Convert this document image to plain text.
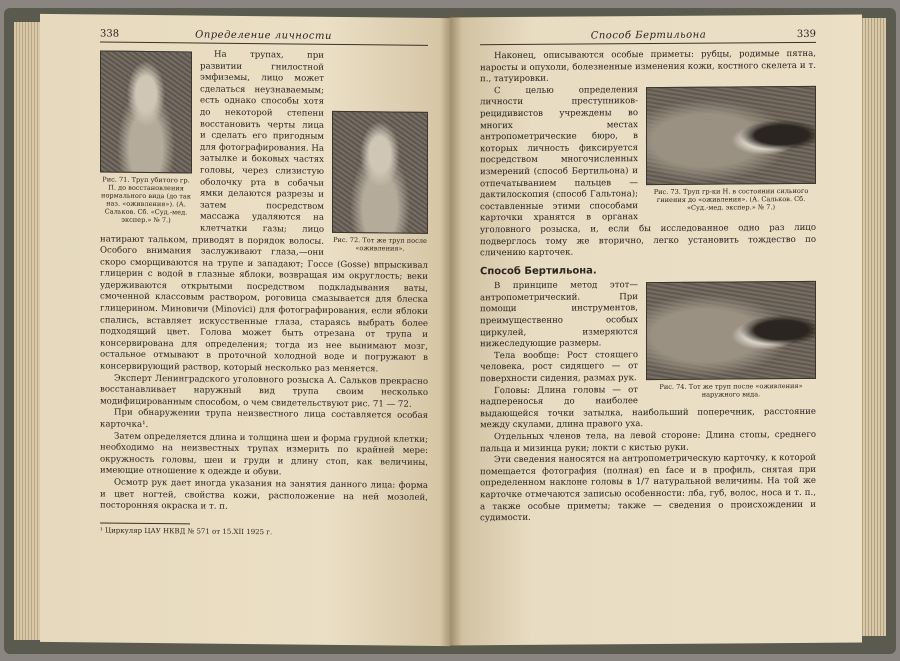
338	Определение личности
Рис. 71. Труп убитого гр. П. до восстановления нормального вида (до так наз. «оживления»). (А. Сальков. Сб. «Суд.-мед. экспер.» № 7.)
Рис. 72. Тот же труп после «оживления».

На трупах, при развитии гнилостной эмфиземы, лицо может сделаться неузнаваемым; есть однако способы хотя до некоторой степени восстановить черты лица и сделать его пригодным для фотографирования. На затылке и боковых частях головы, через слизистую оболочку рта в собачьи ямки делаются разрезы и затем посредством массажа удаляются на клетчатки газы; лицо натирают тальком, приводят в порядок волосы. Особого внимания заслуживают глаза,—они скоро сморщиваются на трупе и западают; Госсе (Gosse) впрыскивал глицерин с водой в глазные яблоки, возвращая им округлость; веки удерживаются открытыми посредством подкладывания ваты, смоченной классовым раствором, роговица смазывается для блеска глицерином. Миновичи (Minovici) для фотографирования, если яблоки спались, вставляет искусственные глаза, стараясь выбрать более подходящий цвет. Голова может быть отрезана от трупа и консервирована для определения; тогда из нее вынимают мозг, остальное отмывают в проточной холодной воде и погружают в консервирующий раствор, который несколько раз меняется.

Эксперт Ленинградского уголовного розыска А. Сальков прекрасно восстанавливает наружный вид трупа своим несколько модифицированным способом, о чем свидетельствуют рис. 71 — 72.

При обнаружении трупа неизвестного лица составляется особая карточка¹.

Затем определяется длина и толщина шеи и форма грудной клетки; необходимо на неизвестных трупах измерить по крайней мере: окружность головы, шеи и груди и длину стоп, как величины, имеющие отношение к одежде и обуви.

Осмотр рук дает иногда указания на занятия данного лица: форма и цвет ногтей, свойства кожи, расположение на ней мозолей, посторонняя окраска и т. п.

¹ Циркуляр ЦАУ НКВД № 571 от 15.XII 1925 г.
Способ Бертильона	339

Наконец, описываются особые приметы: рубцы, родимые пятна, наросты и опухоли, болезненные изменения кожи, костного скелета и т. п., татуировки.

Рис. 73. Труп гр-ки Н. в состоянии сильного гниения до «оживления». (А. Сальков. Сб. «Суд.-мед. экспер.» № 7.)

С целью определения личности преступников-рецидивистов учреждены во многих местах антропометрические бюро, в которых личность фиксируется посредством многочисленных измерений (способ Бертильона) и отпечатыванием пальцев — дактилоскопия (способ Гальтона); составленные этими способами карточки хранятся в органах уголовного розыска, и, если бы исследованное одно раз лицо подверглось тому же вторично, легко установить тождество по сличению карточек.

Способ Бертильона.
Рис. 74. Тот же труп после «оживления» наружного вида.

В принципе метод этот—антропометрический. При помощи инструментов, преимущественно особых циркулей, измеряются нижеследующие размеры.

Тела вообще: Рост стоящего человека, рост сидящего — от поверхности сидения, размах рук.

Головы: Длина головы — от надпереносья до наиболее выдающейся точки затылка, наибольший поперечник, расстояние между скулами, длина правого уха.

Отдельных членов тела, на левой стороне: Длина стопы, среднего пальца и мизинца руки; локти с кистью руки.

Эти сведения наносятся на антропометрическую карточку, к которой помещается фотография (полная) en face и в профиль, снятая при определенном наклоне головы в 1/7 натуральной величины. На той же карточке отмечаются записью особенности: лба, губ, волос, носа и т. п., а также особые приметы; также — сведения о происхождении и судимости.
